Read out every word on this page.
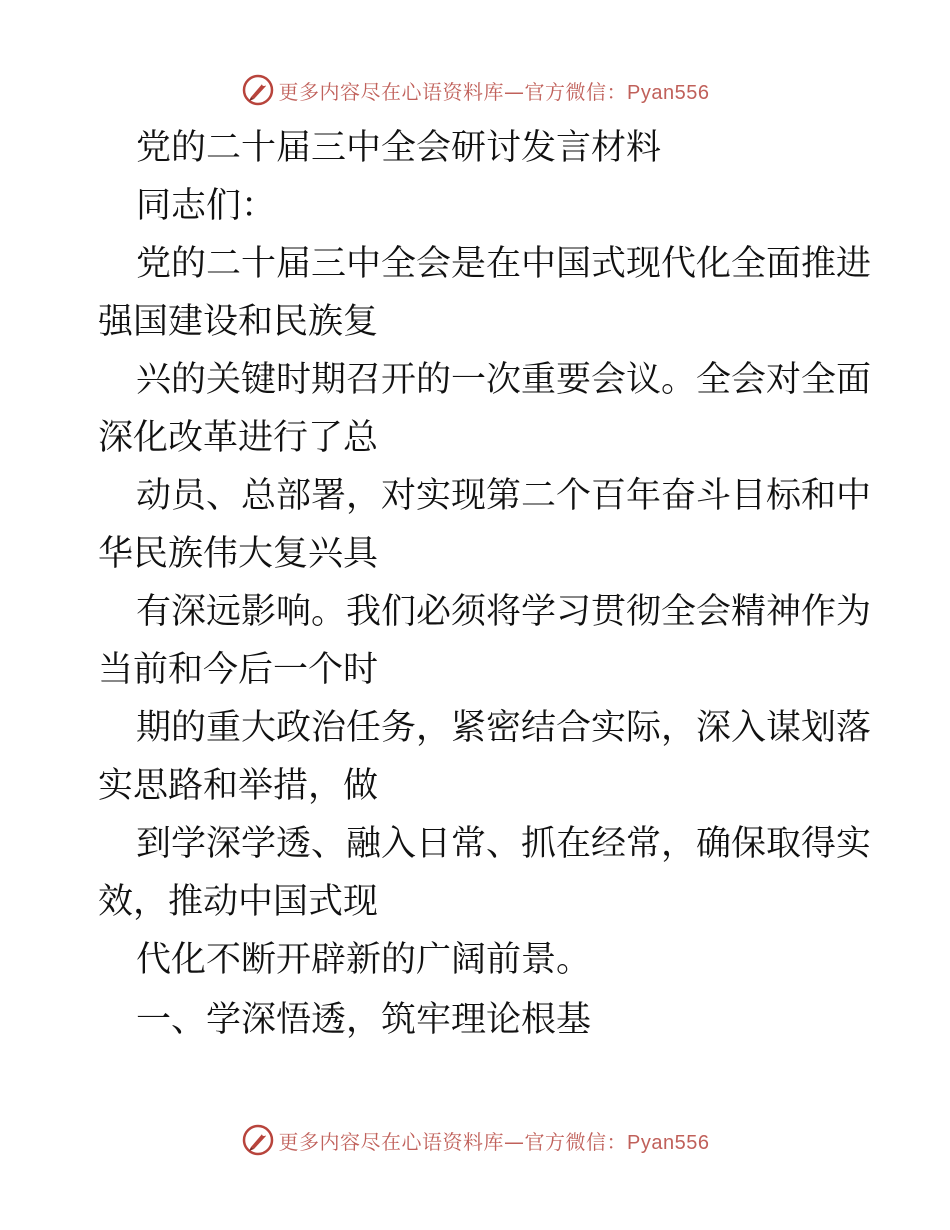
更多内容尽在心语资料库—官方微信：Pyan556
党的二十届三中全会研讨发言材料
同志们：
党的二十届三中全会是在中国式现代化全面推进
强国建设和民族复
兴的关键时期召开的一次重要会议。全会对全面
深化改革进行了总
动员、总部署，对实现第二个百年奋斗目标和中
华民族伟大复兴具
有深远影响。我们必须将学习贯彻全会精神作为
当前和今后一个时
期的重大政治任务，紧密结合实际，深入谋划落
实思路和举措，做
到学深学透、融入日常、抓在经常，确保取得实
效，推动中国式现
代化不断开辟新的广阔前景。
一、学深悟透，筑牢理论根基
更多内容尽在心语资料库—官方微信：Pyan556
